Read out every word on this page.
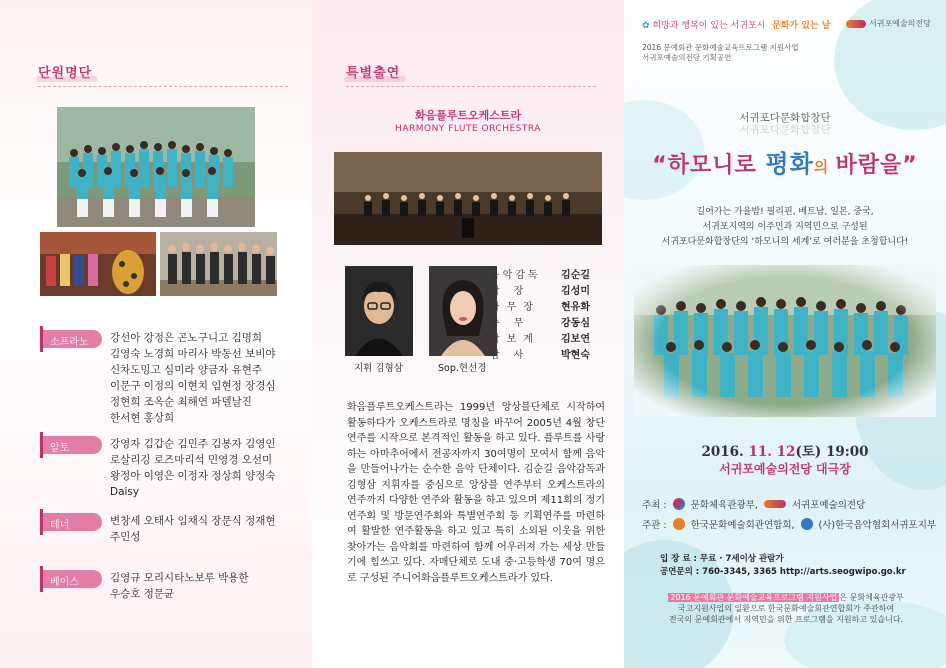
단원명단
소프라노	강선아 강정은 곤노구니고 김명희
김영숙 노경희 마리사 박동선 보비야
신차도밍고 심미라 양금자 유현주
이문구 이정의 이현치 임현정 장경심
정현희 조옥순 최해연 파델날진
한서현 홍상희
알토	강영자 김갑순 김민주 김봉자 김영인
로살리깅 로즈마리석 민영경 오선미
왕정아 이영은 이정자 정상희 양정숙
Daisy
테너	변창세 오태사 임채식 장문식 정재현
주민성
베이스	김영규 모리시타노보루 박용한
우승호 정문균
특별출연
화음플루트오케스트라
HARMONY FLUTE ORCHESTRA
지휘 김형삼	Sop.현선경
음악감독 김순길
악장 김성미
사무장 현유화
총무 강동심
악보계 김보연
감사 박현숙
화음플루트오케스트라는 1999년 앙상블단체로 시작하여 활동하다가 오케스트라로 명칭을 바꾸어 2005년 4월 창단연주를 시작으로 본격적인 활동을 하고 있다. 플루트를 사랑하는 아마추어에서 전공자까지 30여명이 모여서 함께 음악을 만들어나가는 순수한 음악 단체이다. 김순길 음악감독과 김형삼 지휘자를 중심으로 앙상블 연주부터 오케스트라의 연주까지 다양한 연주와 활동을 하고 있으며 제11회의 정기연주회 및 방문연주회와 특별연주회 등 기획연주를 마련하여 활발한 연주활동을 하고 있고 특히 소외된 이웃을 위한 찾아가는 음악회를 마련하여 함께 어우러져 가는 세상 만들기에 힘쓰고 있다. 자매단체로 도내 중·고등학생 70여 명으로 구성된 주니어화음플루트오케스트라가 있다.
✿ 희망과 행복이 있는 서귀포시 문화가 있는 날	서귀포예술의전당
2016 문예회관 문화예술교육프로그램 지원사업
서귀포예술의전당 기획공연
서귀포다문화합창단
서귀포다문화합창단
“하모니로 평화의 바람을”
길어가는 가을밤! 필리핀, 베트남, 일본, 중국,
서귀포지역의 이주민과 지역민으로 구성된
서귀포다문화합창단의 ‘하모니의 세계’로 여러분을 초청합니다!
2016. 11. 12(토) 19:00
서귀포예술의전당 대극장
주최 :	문화체육관광부,	서귀포예술의전당
주관 :	한국문화예술회관연합회,	(사)한국음악협회서귀포지부
입 장 료 : 무료 · 7세이상 관람가
공연문의 : 760-3345, 3365 http://arts.seogwipo.go.kr
2016 문예회관 문화예술교육프로그램 지원사업 은 문화체육관광부
국고지원사업의 일환으로 한국문화예술회관연합회가 주관하여
전국의 문예회관에서 지역민을 위한 프로그램을 지원하고 있습니다.
